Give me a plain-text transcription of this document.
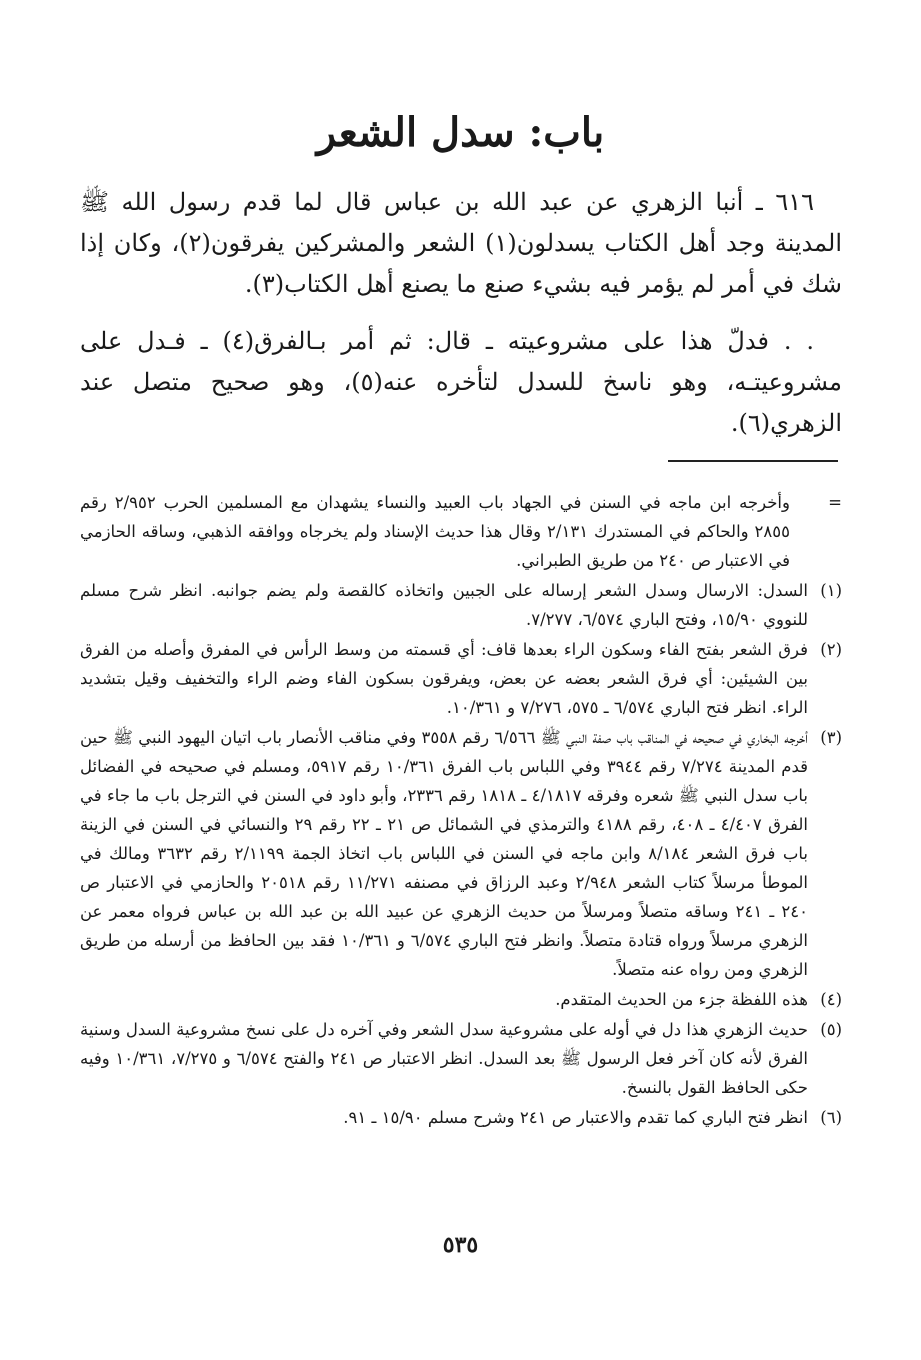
باب: سدل الشعر

٦١٦ ـ أنبا الزهري عن عبد الله بن عباس قال لما قدم رسول الله ﷺ المدينة وجد أهل الكتاب يسدلون(١) الشعر والمشركين يفرقون(٢)، وكان إذا شك في أمر لم يؤمر فيه بشيء صنع ما يصنع أهل الكتاب(٣).

. . فدلّ هذا على مشروعيته ـ قال: ثم أمر بـالفرق(٤) ـ فـدل على مشروعيتـه، وهو ناسخ للسدل لتأخره عنه(٥)، وهو صحيح متصل عند الزهري(٦).

=
وأخرجه ابن ماجه في السنن في الجهاد باب العبيد والنساء يشهدان مع المسلمين الحرب ٢/٩٥٢ رقم ٢٨٥٥ والحاكم في المستدرك ٢/١٣١ وقال هذا حديث الإسناد ولم يخرجاه ووافقه الذهبي، وساقه الحازمي في الاعتبار ص ٢٤٠ من طريق الطبراني.
(١)
السدل: الارسال وسدل الشعر إرساله على الجبين واتخاذه كالقصة ولم يضم جوانبه. انظر شرح مسلم للنووي ١٥/٩٠، وفتح الباري ٦/٥٧٤، ٧/٢٧٧.
(٢)
فرق الشعر بفتح الفاء وسكون الراء بعدها قاف: أي قسمته من وسط الرأس في المفرق وأصله من الفرق بين الشيئين: أي فرق الشعر بعضه عن بعض، ويفرقون بسكون الفاء وضم الراء والتخفيف وقيل بتشديد الراء. انظر فتح الباري ٦/٥٧٤ ـ ٥٧٥، ٧/٢٧٦ و ١٠/٣٦١.
(٣)
أخرجه البخاري في صحيحه في المناقب باب صفة النبي ﷺ ٦/٥٦٦ رقم ٣٥٥٨ وفي مناقب الأنصار باب اتيان اليهود النبي ﷺ حين قدم المدينة ٧/٢٧٤ رقم ٣٩٤٤ وفي اللباس باب الفرق ١٠/٣٦١ رقم ٥٩١٧، ومسلم في صحيحه في الفضائل باب سدل النبي ﷺ شعره وفرقه ٤/١٨١٧ ـ ١٨١٨ رقم ٢٣٣٦، وأبو داود في السنن في الترجل باب ما جاء في الفرق ٤/٤٠٧ ـ ٤٠٨، رقم ٤١٨٨ والترمذي في الشمائل ص ٢١ ـ ٢٢ رقم ٢٩ والنسائي في السنن في الزينة باب فرق الشعر ٨/١٨٤ وابن ماجه في السنن في اللباس باب اتخاذ الجمة ٢/١١٩٩ رقم ٣٦٣٢ ومالك في الموطأ مرسلاً كتاب الشعر ٢/٩٤٨ وعبد الرزاق في مصنفه ١١/٢٧١ رقم ٢٠٥١٨ والحازمي في الاعتبار ص ٢٤٠ ـ ٢٤١ وساقه متصلاً ومرسلاً من حديث الزهري عن عبيد الله بن عبد الله بن عباس فرواه معمر عن الزهري مرسلاً ورواه قتادة متصلاً. وانظر فتح الباري ٦/٥٧٤ و ١٠/٣٦١ فقد بين الحافظ من أرسله من طريق الزهري ومن رواه عنه متصلاً.
(٤)
هذه اللفظة جزء من الحديث المتقدم.
(٥)
حديث الزهري هذا دل في أوله على مشروعية سدل الشعر وفي آخره دل على نسخ مشروعية السدل وسنية الفرق لأنه كان آخر فعل الرسول ﷺ بعد السدل. انظر الاعتبار ص ٢٤١ والفتح ٦/٥٧٤ و ٧/٢٧٥، ١٠/٣٦١ وفيه حكى الحافظ القول بالنسخ.
(٦)
انظر فتح الباري كما تقدم والاعتبار ص ٢٤١ وشرح مسلم ١٥/٩٠ ـ ٩١.
٥٣٥
